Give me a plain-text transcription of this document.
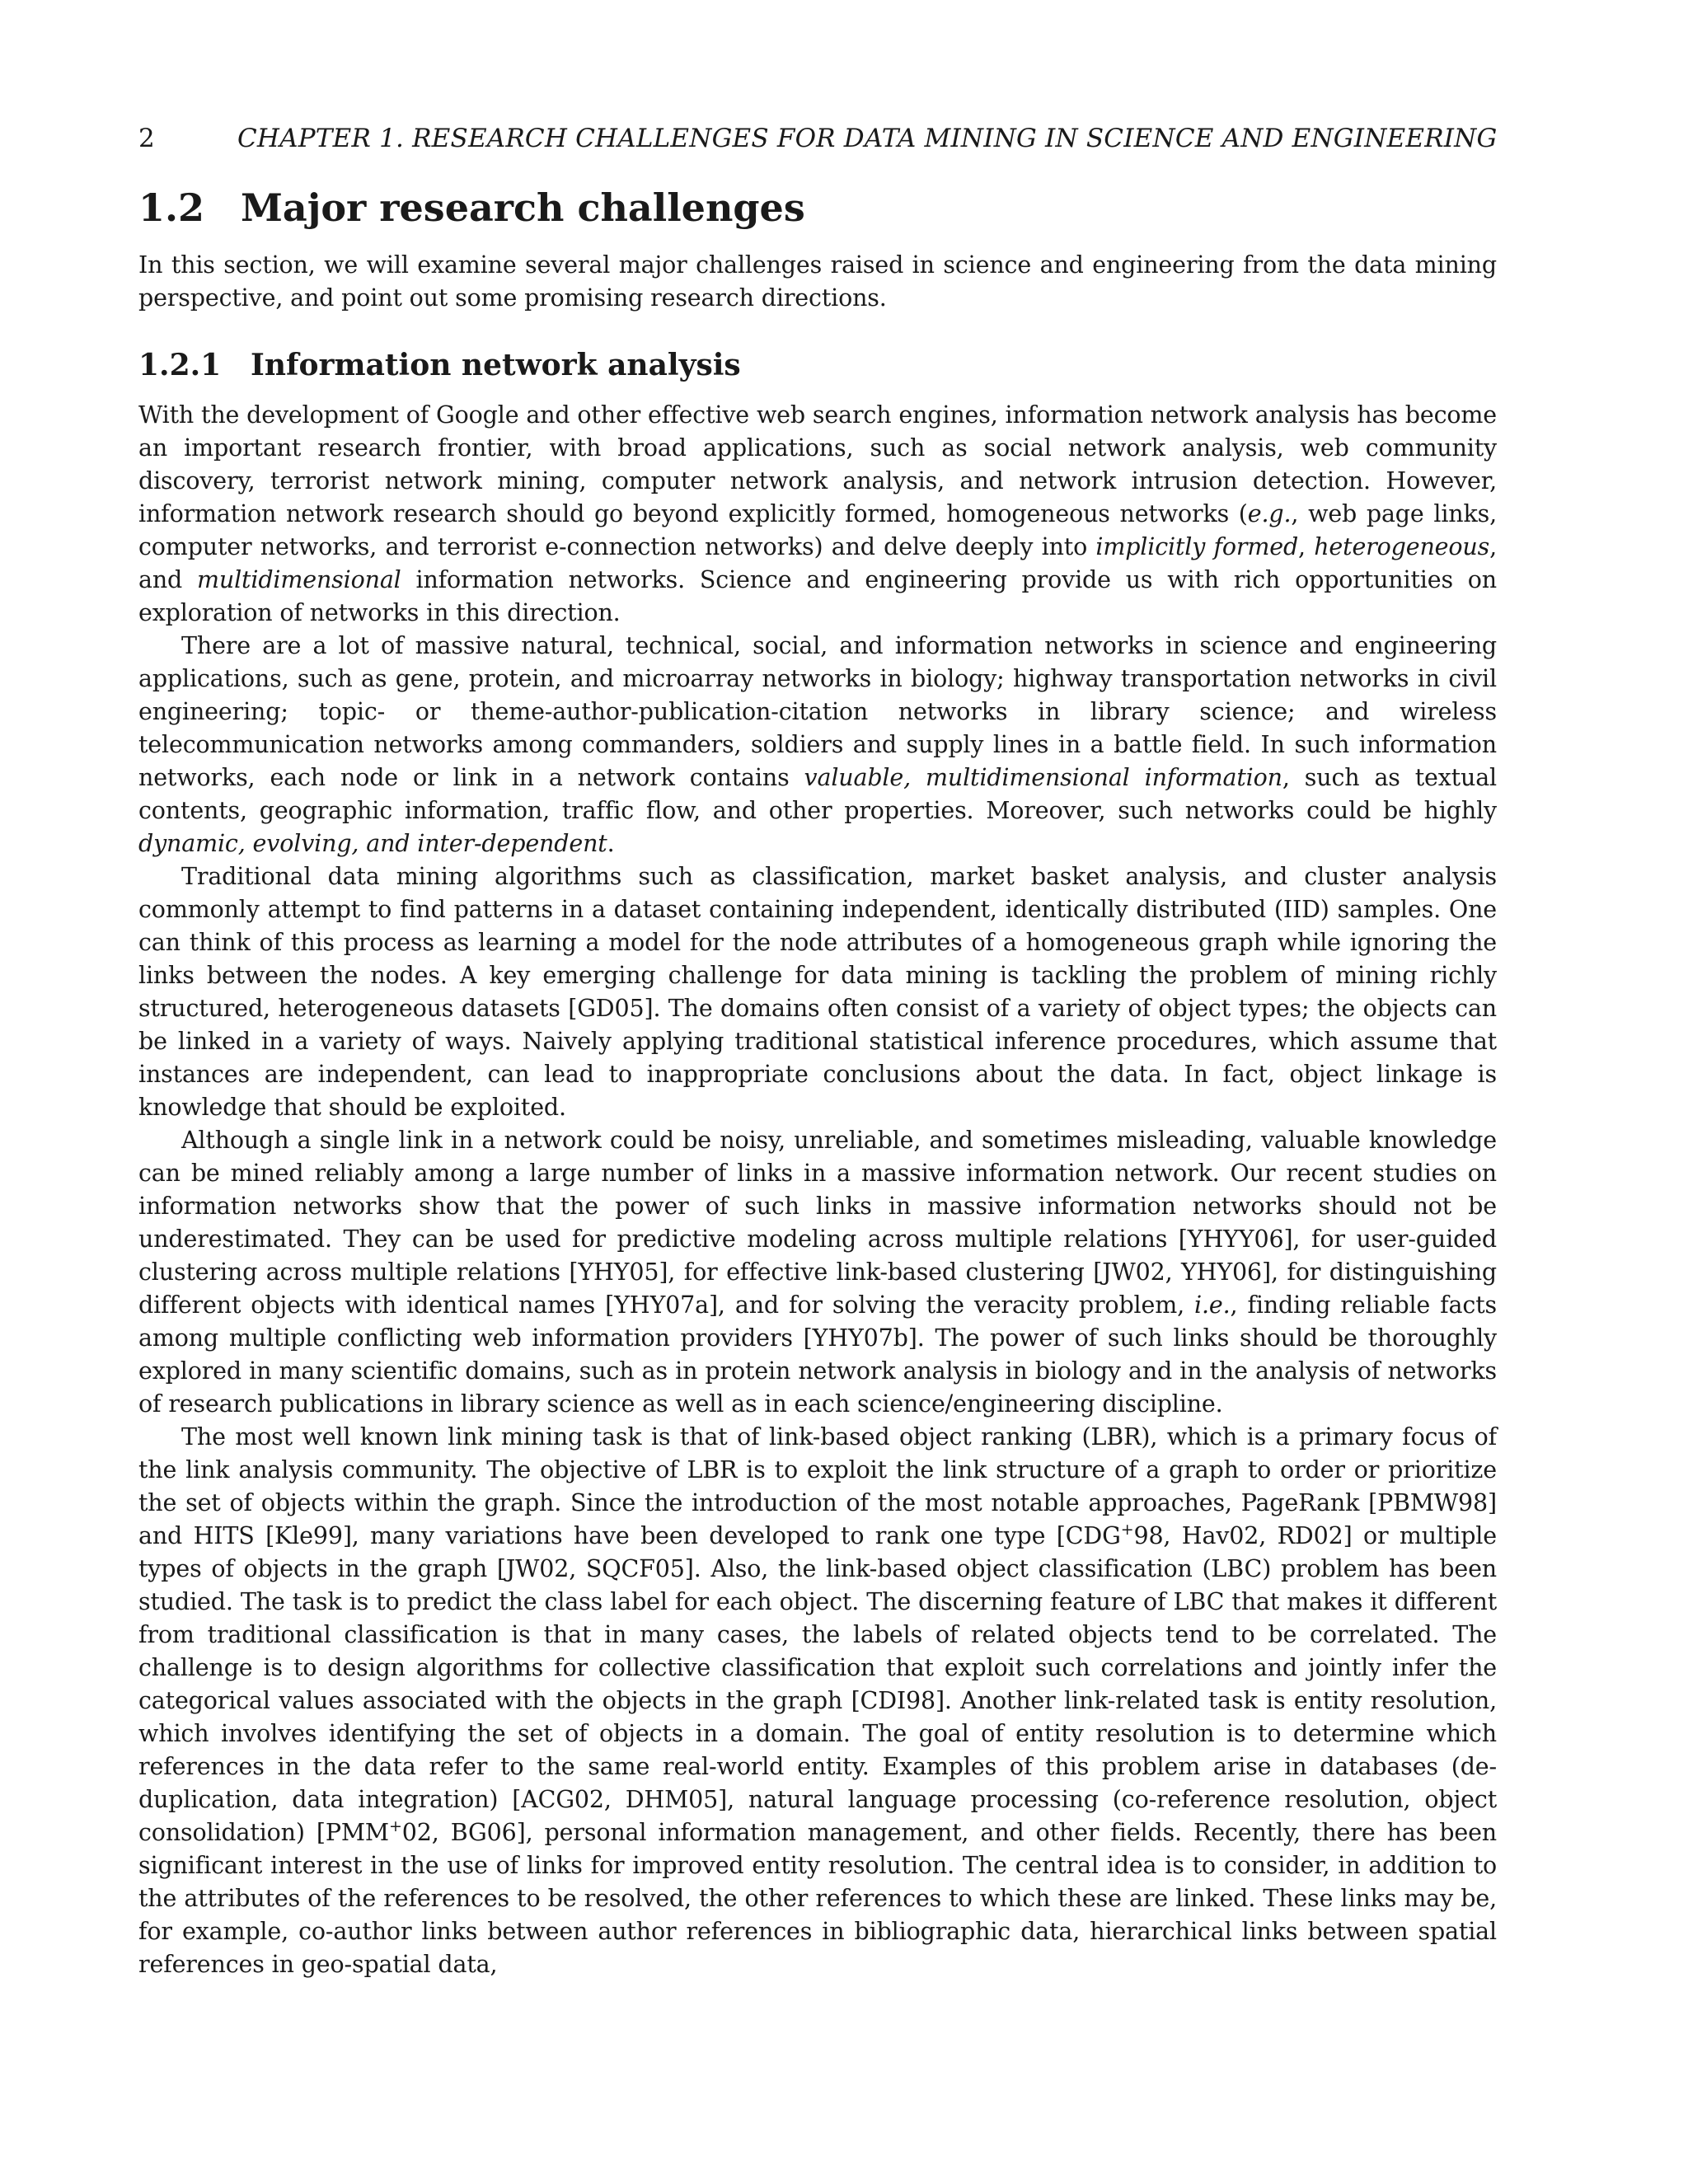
2	CHAPTER 1. RESEARCH CHALLENGES FOR DATA MINING IN SCIENCE AND ENGINEERING
1.2 Major research challenges

In this section, we will examine several major challenges raised in science and engineering from the data mining perspective, and point out some promising research directions.

1.2.1 Information network analysis

With the development of Google and other effective web search engines, information network analysis has become an important research frontier, with broad applications, such as social network analysis, web community discovery, terrorist network mining, computer network analysis, and network intrusion detection. However, information network research should go beyond explicitly formed, homogeneous networks (e.g., web page links, computer networks, and terrorist e-connection networks) and delve deeply into implicitly formed, heterogeneous, and multidimensional information networks. Science and engineering provide us with rich opportunities on exploration of networks in this direction.

There are a lot of massive natural, technical, social, and information networks in science and engineering applications, such as gene, protein, and microarray networks in biology; highway transportation networks in civil engineering; topic- or theme-author-publication-citation networks in library science; and wireless telecommunication networks among commanders, soldiers and supply lines in a battle field. In such information networks, each node or link in a network contains valuable, multidimensional information, such as textual contents, geographic information, traffic flow, and other properties. Moreover, such networks could be highly dynamic, evolving, and inter-dependent.

Traditional data mining algorithms such as classification, market basket analysis, and cluster analysis commonly attempt to find patterns in a dataset containing independent, identically distributed (IID) samples. One can think of this process as learning a model for the node attributes of a homogeneous graph while ignoring the links between the nodes. A key emerging challenge for data mining is tackling the problem of mining richly structured, heterogeneous datasets [GD05]. The domains often consist of a variety of object types; the objects can be linked in a variety of ways. Naively applying traditional statistical inference procedures, which assume that instances are independent, can lead to inappropriate conclusions about the data. In fact, object linkage is knowledge that should be exploited.

Although a single link in a network could be noisy, unreliable, and sometimes misleading, valuable knowledge can be mined reliably among a large number of links in a massive information network. Our recent studies on information networks show that the power of such links in massive information networks should not be underestimated. They can be used for predictive modeling across multiple relations [YHYY06], for user-guided clustering across multiple relations [YHY05], for effective link-based clustering [JW02, YHY06], for distinguishing different objects with identical names [YHY07a], and for solving the veracity problem, i.e., finding reliable facts among multiple conflicting web information providers [YHY07b]. The power of such links should be thoroughly explored in many scientific domains, such as in protein network analysis in biology and in the analysis of networks of research publications in library science as well as in each science/engineering discipline.

The most well known link mining task is that of link-based object ranking (LBR), which is a primary focus of the link analysis community. The objective of LBR is to exploit the link structure of a graph to order or prioritize the set of objects within the graph. Since the introduction of the most notable approaches, PageRank [PBMW98] and HITS [Kle99], many variations have been developed to rank one type [CDG+98, Hav02, RD02] or multiple types of objects in the graph [JW02, SQCF05]. Also, the link-based object classification (LBC) problem has been studied. The task is to predict the class label for each object. The discerning feature of LBC that makes it different from traditional classification is that in many cases, the labels of related objects tend to be correlated. The challenge is to design algorithms for collective classification that exploit such correlations and jointly infer the categorical values associated with the objects in the graph [CDI98]. Another link-related task is entity resolution, which involves identifying the set of objects in a domain. The goal of entity resolution is to determine which references in the data refer to the same real-world entity. Examples of this problem arise in databases (de-duplication, data integration) [ACG02, DHM05], natural language processing (co-reference resolution, object consolidation) [PMM+02, BG06], personal information management, and other fields. Recently, there has been significant interest in the use of links for improved entity resolution. The central idea is to consider, in addition to the attributes of the references to be resolved, the other references to which these are linked. These links may be, for example, co-author links between author references in bibliographic data, hierarchical links between spatial references in geo-spatial data,
